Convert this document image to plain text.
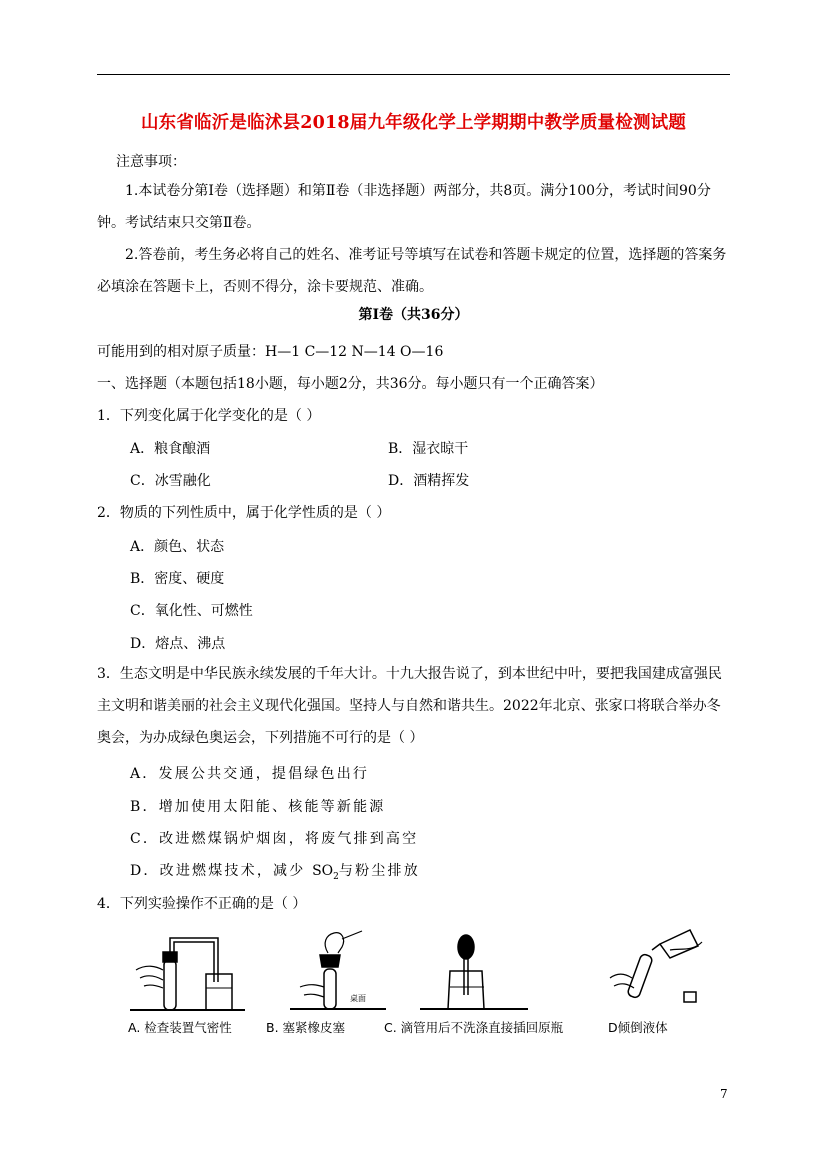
山东省临沂是临沭县2018届九年级化学上学期期中教学质量检测试题
注意事项：
1.本试卷分第Ⅰ卷（选择题）和第Ⅱ卷（非选择题）两部分，共8页。满分100分，考试时间90分钟。考试结束只交第Ⅱ卷。
2.答卷前，考生务必将自己的姓名、准考证号等填写在试卷和答题卡规定的位置，选择题的答案务必填涂在答题卡上，否则不得分，涂卡要规范、准确。
第Ⅰ卷（共36分）
可能用到的相对原子质量：H—1 C—12 N—14 O—16
一、选择题（本题包括18小题，每小题2分，共36分。每小题只有一个正确答案）
1．下列变化属于化学变化的是（ ）
A．粮食酿酒	B．湿衣晾干
C．冰雪融化	D．酒精挥发
2．物质的下列性质中，属于化学性质的是（ ）
A．颜色、状态
B．密度、硬度
C．氧化性、可燃性
D．熔点、沸点
3．生态文明是中华民族永续发展的千年大计。十九大报告说了，到本世纪中叶，要把我国建成富强民主文明和谐美丽的社会主义现代化强国。坚持人与自然和谐共生。2022年北京、张家口将联合举办冬奥会，为办成绿色奥运会，下列措施不可行的是（ ）
A．发展公共交通，提倡绿色出行
B．增加使用太阳能、核能等新能源
C．改进燃煤锅炉烟囱，将废气排到高空
D．改进燃煤技术，减少 $SO_2$与粉尘排放
4．下列实验操作不正确的是（ ）
A. 检查装置气密性
桌面
B. 塞紧橡皮塞	C. 滴管用后不洗涤直接插回原瓶	D倾倒液体
7
